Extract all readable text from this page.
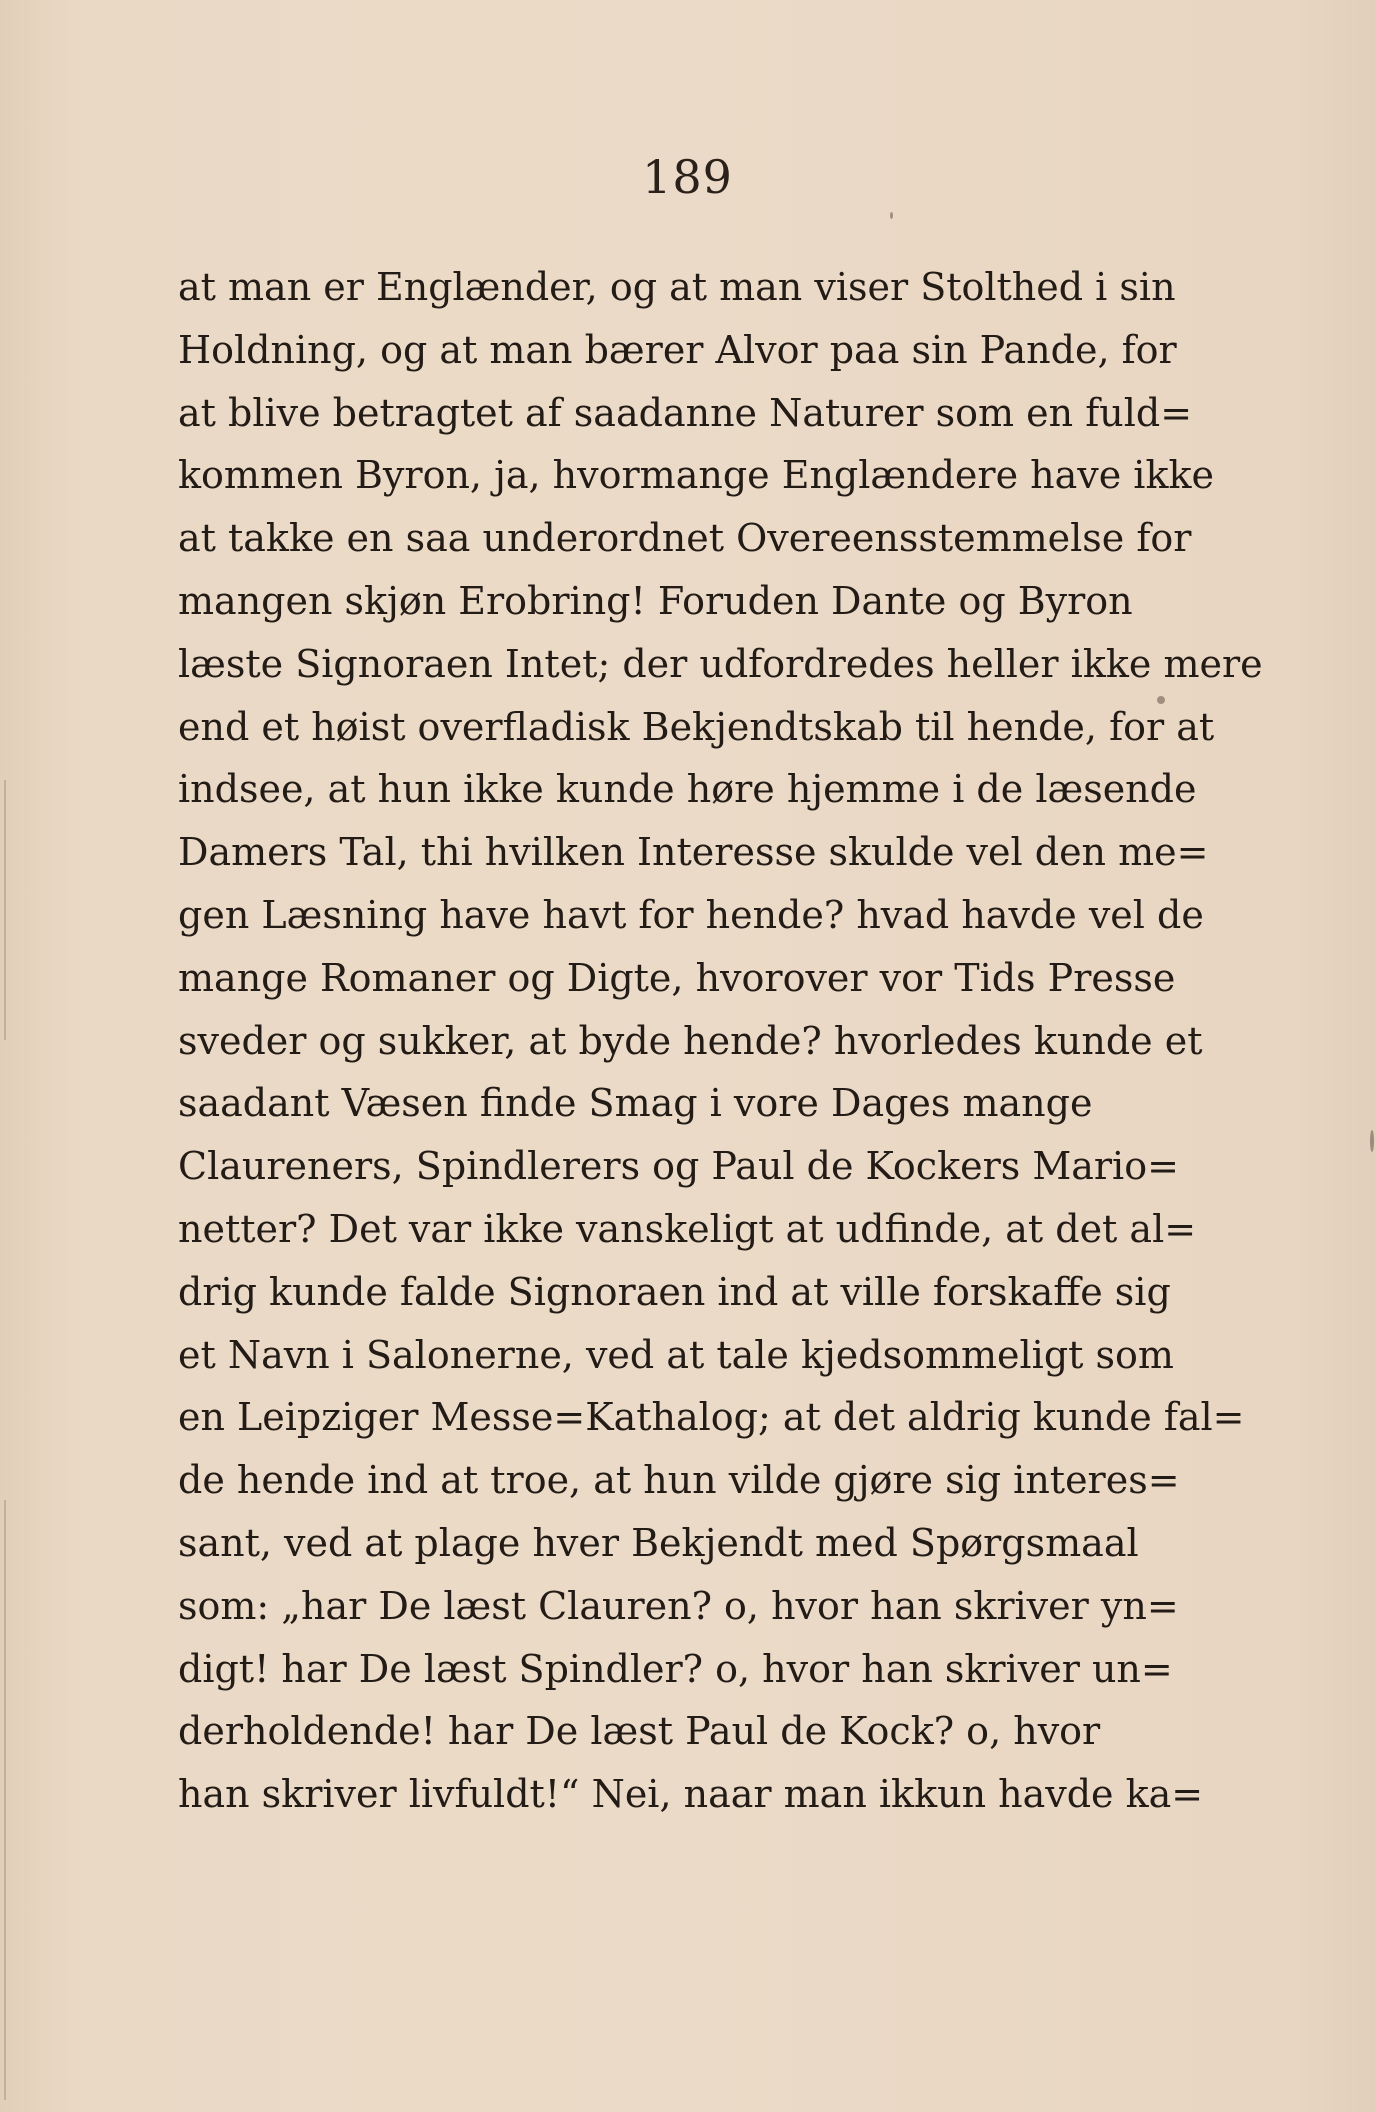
189
at man er Englænder, og at man viser Stolthed i sin
Holdning, og at man bærer Alvor paa sin Pande, for
at blive betragtet af saadanne Naturer som en fuld=
kommen Byron, ja, hvormange Englændere have ikke
at takke en saa underordnet Overeensstemmelse for
mangen skjøn Erobring! Foruden Dante og Byron
læste Signoraen Intet; der udfordredes heller ikke mere
end et høist overfladisk Bekjendtskab til hende, for at
indsee, at hun ikke kunde høre hjemme i de læsende
Damers Tal, thi hvilken Interesse skulde vel den me=
gen Læsning have havt for hende? hvad havde vel de
mange Romaner og Digte, hvorover vor Tids Presse
sveder og sukker, at byde hende? hvorledes kunde et
saadant Væsen finde Smag i vore Dages mange
Claureners, Spindlerers og Paul de Kockers Mario=
netter? Det var ikke vanskeligt at udfinde, at det al=
drig kunde falde Signoraen ind at ville forskaffe sig
et Navn i Salonerne, ved at tale kjedsommeligt som
en Leipziger Messe=Kathalog; at det aldrig kunde fal=
de hende ind at troe, at hun vilde gjøre sig interes=
sant, ved at plage hver Bekjendt med Spørgsmaal
som: „har De læst Clauren? o, hvor han skriver yn=
digt! har De læst Spindler? o, hvor han skriver un=
derholdende! har De læst Paul de Kock? o, hvor
han skriver livfuldt!“ Nei, naar man ikkun havde ka=
